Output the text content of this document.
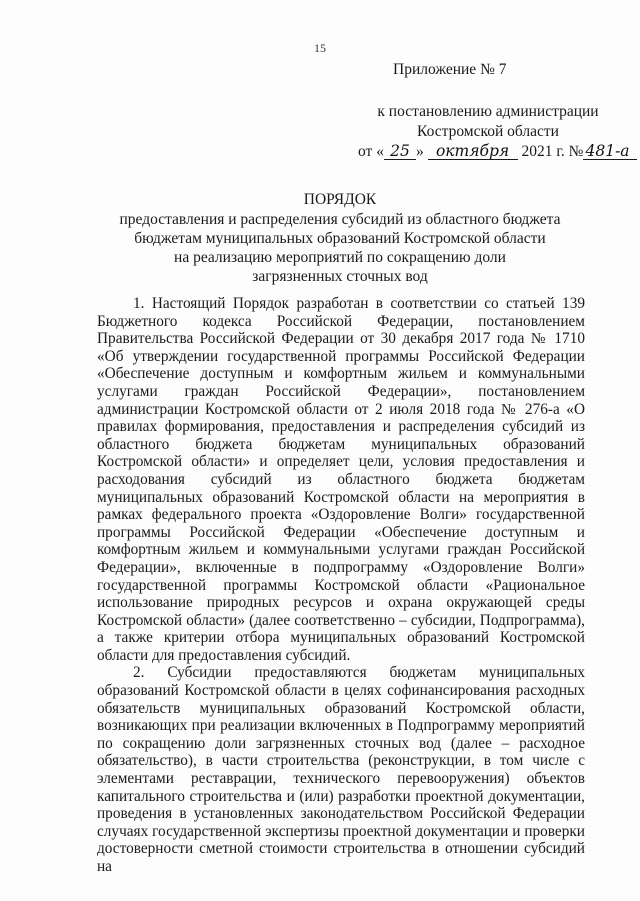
15
Приложение № 7
к постановлению администрации
Костромской области
от « 25 » октября 2021 г. № 481-а
ПОРЯДОК
предоставления и распределения субсидий из областного бюджета
бюджетам муниципальных образований Костромской области
на реализацию мероприятий по сокращению доли
загрязненных сточных вод

1. Настоящий Порядок разработан в соответствии со статьей 139 Бюджетного кодекса Российской Федерации, постановлением Правительства Российской Федерации от 30 декабря 2017 года № 1710 «Об утверждении государственной программы Российской Федерации «Обеспечение доступным и комфортным жильем и коммунальными услугами граждан Российской Федерации», постановлением администрации Костромской области от 2 июля 2018 года № 276-а «О правилах формирования, предоставления и распределения субсидий из областного бюджета бюджетам муниципальных образований Костромской области» и определяет цели, условия предоставления и расходования субсидий из областного бюджета бюджетам муниципальных образований Костромской области на мероприятия в рамках федерального проекта «Оздоровление Волги» государственной программы Российской Федерации «Обеспечение доступным и комфортным жильем и коммунальными услугами граждан Российской Федерации», включенные в подпрограмму «Оздоровление Волги» государственной программы Костромской области «Рациональное использование природных ресурсов и охрана окружающей среды Костромской области» (далее соответственно – субсидии, Подпрограмма), а также критерии отбора муниципальных образований Костромской области для предоставления субсидий.

2. Субсидии предоставляются бюджетам муниципальных образований Костромской области в целях софинансирования расходных обязательств муниципальных образований Костромской области, возникающих при реализации включенных в Подпрограмму мероприятий по сокращению доли загрязненных сточных вод (далее – расходное обязательство), в части строительства (реконструкции, в том числе с элементами реставрации, технического перевооружения) объектов капитального строительства и (или) разработки проектной документации, проведения в установленных законодательством Российской Федерации случаях государственной экспертизы проектной документации и проверки достоверности сметной стоимости строительства в отношении субсидий на
